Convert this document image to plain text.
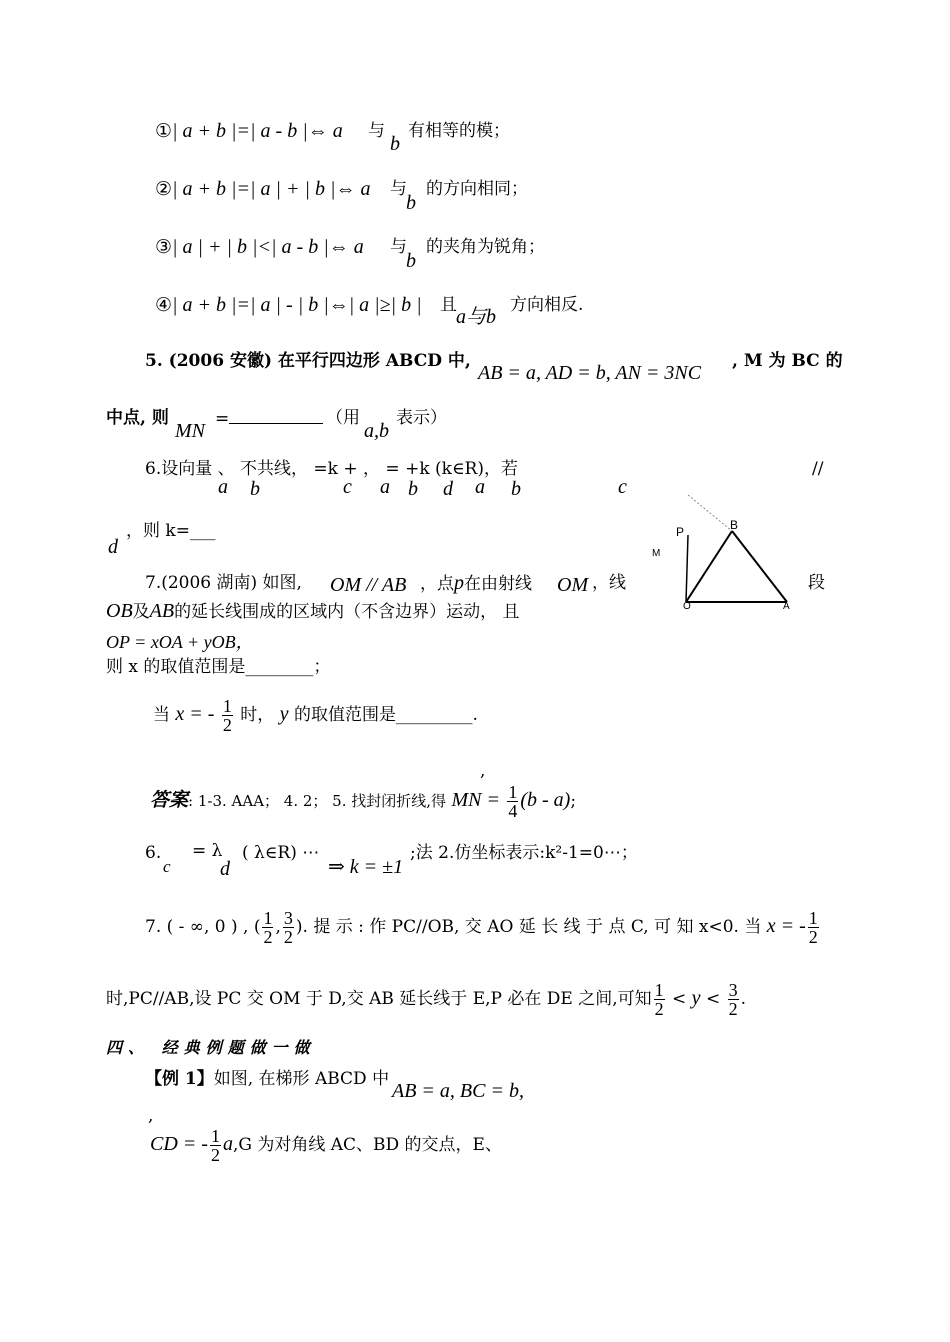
①| a + b |=| a - b |⇔ a 与
b
有相等的模；
②| a + b |=| a | + | b |⇔ a 与
b
的方向相同；
③| a | + | b |<| a - b |⇔ a 与
b
的夹角为锐角；
④| a + b |=| a | - | b |⇔| a |≥| b | 且
a与b
方向相反.
5. (2006 安徽) 在平行四边形 ABCD 中,
AB = a, AD = b, AN = 3NC
, M 为 BC 的
中点, 则
MN
=	（用
a,b
表示）
6.设向量 、 不共线， =k + ， = +k (k∈R)，若	//
a b	c a b d a b	c
d
，则 k=___	P	B
M
O	A
7.(2006 湖南) 如图, OM // AB ，点p在由射线 OM ，线	段
OB及AB的延长线围成的区域内（不含边界）运动， 且
OP = xOA + yOB，
则 x 的取值范围是________；
当 x = - $\frac{1}{2}$ 时， y 的取值范围是_________.
,
答案: 1-3. AAA； 4. 2； 5. 找封闭折线,得 MN = $\frac{1}{4} (b - a)$;
6.
c
= λ
d
( λ∈R) ⋯
⇒ k = ±1
;法 2.仿坐标表示:k²-1=0⋯；
7. ( - ∞, 0 ) , ( $\frac{1}{2}$ , $\frac{3}{2}$ ). 提 示 : 作 PC//OB, 交 AO 延 长 线 于 点 C, 可 知 x<0. 当 x = - $\frac{1}{2}$
时,PC//AB,设 PC 交 OM 于 D,交 AB 延长线于 E,P 必在 DE 之间,可知 $\frac{1}{2} < y < \frac{3}{2}$ .
四、 经典例题做一做
【例 1】如图, 在梯形 ABCD 中
AB = a, BC = b,
,
CD = - $\frac{1}{2} a,G$ 为对角线 AC、BD 的交点，E、
